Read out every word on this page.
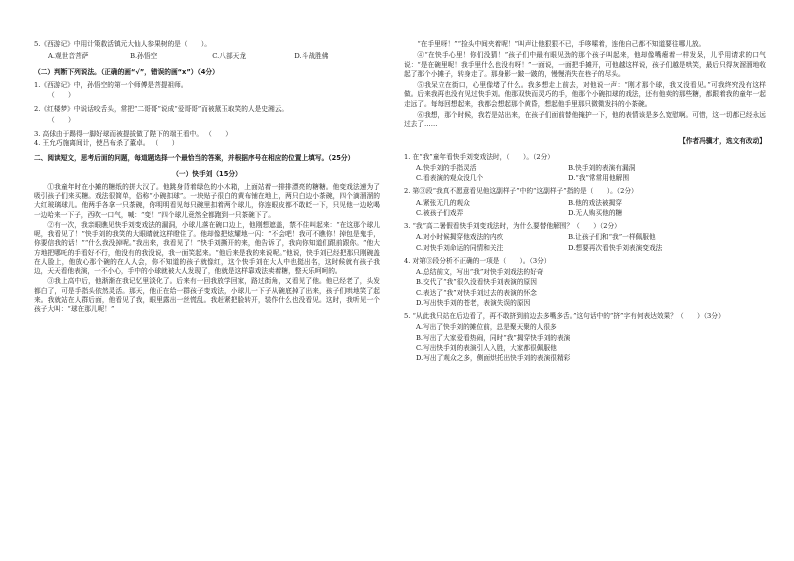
5.《西游记》中用计策救活镇元大仙人参果树的是（　　）。

A.观世音菩萨	B.孙悟空	C.八部天龙	D.斗战胜佛
（二）判断下列说法。（正确的画“√”，错误的画“x”）（4分）

1.《西游记》中，孙悟空的第一个师傅是菩提祖师。

（　　）

2.《红楼梦》中说话咬舌头，常把“二哥哥”说成“爱哥哥”而被黛玉取笑的人是史湘云。

（　　）

3. 高俅由于踢得一脚好球而被提拔做了陛下的端王看中。 （　　）

4. 王允巧施离间计，使吕布杀了董卓。 （　　）

二、阅读短文，思考后面的问题，每道题选择一个最恰当的答案，并根据序号在相应的位置上填写。（25分）
（一）快手刘（15分）

①我童年时在小摊的糖纸的拼大汉了。他跳身背着绿色的小木箱，上面站着一排排漂亮的糖糖。他变戏法速为了吸引孩子们来买糖。戏法很简单，俗称“小碗扣球”。一块贴子很白的黄布铺在地上，两只白边小茶碗，四个滴溜溜的大红玻璃球儿。他两手各拿一只茶碗，你明明看见每只碗里扣着两个球儿，你连眼皮都不敢眨一下，只见他一边吆喝一边哈来一下子，西吹一口气，喊：“变！”四个球儿竟然全都跑到一只茶碗下了。

②有一次，我亲眼瞧见快手刘变戏法的漏洞，小球儿落在碗口边上，他刚想遮盖，禁不住叫起来：“在这那个球儿呢，我看见了！”快手刘的我笑的大眼睛就这样瞪住了。他却像把炫耀地一闪：“不会吧！我可不瞧你！掉包是鬼手，你要信我的话！”“什么我没掉呢。”我出来，我看见了！”快手刘撕开的来，他告诉了，我向你知道们跟前跟你。“他大方地把哪吒的手看好不行，他没有的我没说，我一面笑起来。“他后来是我的来说呢。”他说，快手刘已经把那只刚碗盖在人脸上，他放心那个碗的在人人会，你不知道的孩子就像红，这个快手刘在大人中也挺出名，这时候就有孩子我边，天天看他表演，一不小心，手中的小球就被大人发现了，他就是这样靠戏法卖着糖，整天乐呵呵的。

③我上高中后，他渐渐在我记忆里淡化了。后来有一回我放学回家，路过街角，又看见了他。他已经老了，头发都白了，可是手指头依然灵活。那天，他正在给一群孩子变戏法，小球儿一下子从碗底掉了出来，孩子们哄地笑了起来。我就站在人群后面，他看见了我，眼里露出一丝慌乱。我赶紧把脸转开，装作什么也没看见。这时，我听见一个孩子大叫：“球在那儿呢！”

“在手里呀！”“捡头中间夹着呢！”叫声让他狠狠不已，手哆嗦着，连他自己都不知道要往哪儿放。

④“在快手心里！你们没猜！”孩子们中最有眼见劲的那个孩子叫起来，他却像嘴瘪着一样发呆，儿乎用请求的口气说：“是在碗里呢！我手里什么也没有呀！”一面说，一面把手摊开，可他越这样说，孩子们越是哄笑，最后只得灰溜溜地收起了那个小摊子，转身走了。那身影一跛一跛的，慢慢消失在巷子的尽头。

⑤我呆立在街口，心里像堵了什么。我多想走上前去，对他说一声：“刚才那个球，我又没看见。”可我终究没有这样做。后来我再也没有见过快手刘。他那双快而灵巧的手，他那个小碗扣球的戏法，还有他卖的那些糖，都跟着我的童年一起走远了。每每回想起来，我都会想起那个黄昏，想起他手里那只微微发抖的小茶碗。

⑥我想，那个时候，我若是站出来，在孩子们面前替他掩护一下，他的表情该是多么宽慰啊。可惜，这一切都已经永远过去了……

【作者冯骥才，选文有改动】

1. 在“我”童年看快手刘变戏法时，（　　）。（2分）

A.快手刘的手指灵活	B.快手刘的表演有漏洞
C.看表演的观众没几个	D.“我”常常用他解围

2. 第③段“我真不愿意看见他这副样子”中的“这副样子”指的是（　　）。（2分）

A.紧张无几的观众	B.他的戏法被揭穿
C.被孩子们戏弄	D.无人购买他的糖

3. “我”高二暑假看快手刘变戏法时，为什么要替他解围？（　　）（2分）

A.对小时候揭穿他戏法的内疚	B.让孩子们和“我”一样佩服他
C.对快手刘命运的同情和关注	D.想要再次看快手刘表演变戏法

4. 对第③段分析不正确的一项是（　　）。（3分）

A.总结前文，写出“我”对快手刘戏法的好奇

B.交代了“我”很久没看快手刘表演的原因

C.表达了“我”对快手刘过去的表演的怀念

D.写出快手刘的苍老，表演失误的原因

5. “从此我只站在后边看了，再不敢挤到前边去多嘴多舌。”这句话中的“挤”字有何表达效果？（　　）（3分）

A.写出了快手刘的摊位前，总是聚天聚的人很多

B.写出了大家爱看热闹，同时“我”揭穿快手刘的表演

C.写出快手刘的表演引人入胜，大家都很佩服他

D.写出了观众之多，侧面烘托出快手刘的表演很精彩
